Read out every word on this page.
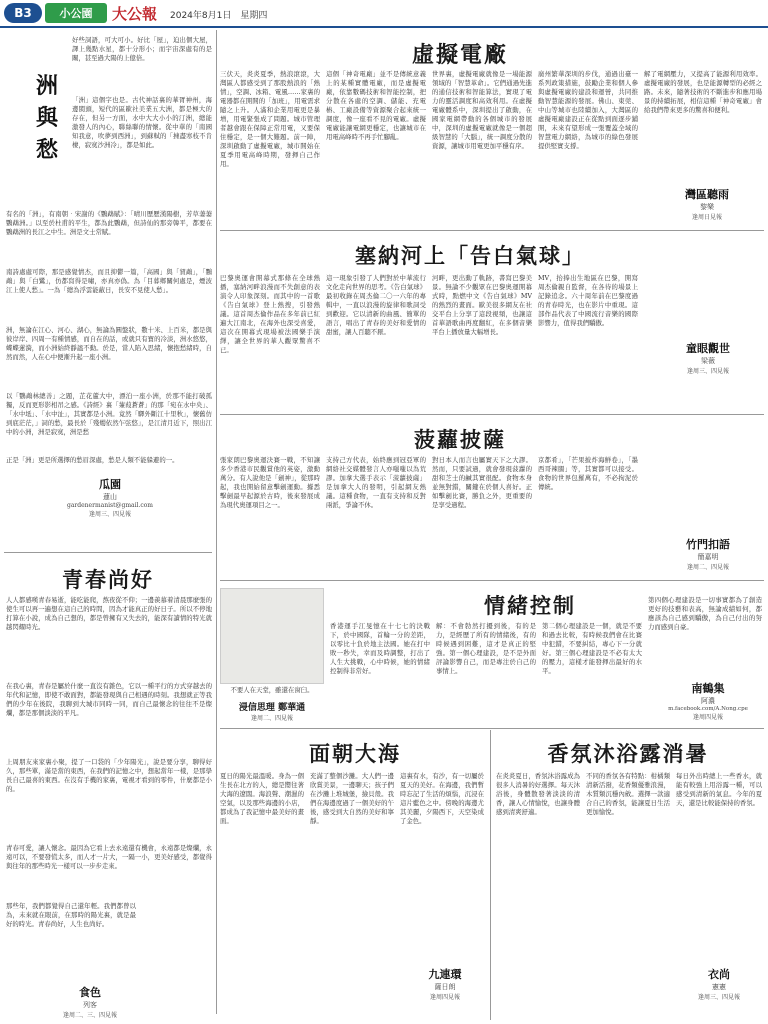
B3	小公園	大公報	2024年8月1日　星期四
好些詞語，可大可小。好比「屋」，迫出個大屋，譯上幾點水星，都十分形小；而宇宙深處有的是關，甚至過大陽的上億倍。
洲與愁
「洲」這個字也是。古代神話裏的華胥神州，海邊閩頭，短代的區歐社美業五大洲，都是極大的存在，但另一方面，水中大大小小的汀洲，總能激發人的內心，聯絲聯的情懷。從中華的「南國知我意，吹夢到西洲」，到蘇軾的「揀盡寒枝不肯棲，寂寞沙洲冷」，都是如此。
有名的「洲」，有南朝‧宋謝的《鸚鵡賦》：「晴川歷歷漢陽樹，芳草萋萋鸚鵡洲。」以至於杜甫的平生，都為此鸚鵡，但詩仙的那旁韓平，都要在鸚鵡洲的長江之中生。洲是文士常賦。
南詩處處可際，那是感覺情杰，而且抑鬱一篇，「高國」與「賀鵡」，「鸚鵡」與「白鷺」，仿都寫得是嘯，亦真亦偽。為「目暮鄉關何處是，煙波江上使人愁」。一為「總為浮雲能蔽日，長安不見使人愁」。
洲，無論在江心、河心、湖心，無論為圓盤狀，數十米、上百米，都是與彼岸岸、四周一有種情感，而自在的話，或就只有寶的冷淡，洲水悠悠，蝶蝶蓮漪，而小洲始終靜謐不動。於是，當人陷入思緒，懷抱愁緒時，自然而然，人在心中便漸升起一座小洲。
以「鸚鵡林總善」之題，芷花蘆大中，漂泊一座小洲，於那不能打破孤獨，反而更形影相吊之感。《詩經》裏「蒹葭蒼蒼」的那「宛在水中央」、「水中坻」、「水中沚」，其實都是小洲。竟然「驛外斷江十里秋」，懷舊仿到底茫茫，」詞的愁，最長於「殘燭依然乍弦悠」，是江清月近下，照出江中的小洲，洲是寂寞，洲是愁
正是「洲」更是所選擇的愁眉深處，愁是人類不能躲避的一。
瓜園
蓮山
gardenermanist@gmail.com
逢周三、四見報
青春尚好
人人都感嘆青春易逝，能吃能爬，熬夜從不仰；一邊羨慕着清晨那麼張的使生可以再一遍想在這自己的時間，因為才能真正的好日子。所以不停地打算在小說，成為自己想的，都是曾擁有又失去的，能深有讀情的特光就越閃耀時光。
在我心裏，青春是屬於什麼一直沒有雜色，它以一種平行的方式穿越去的年代和記憶，即使不敢面對，都能發現與自己相遇的時刻。我想就正等我們的少年在後院，我聊到大城市同時一同，而自己最懷念的往往不是燦爛，都是那個淡淡的平凡。
上周朋友來家裏小聚，提了一口袋的「少年陽光」，說是要分享，聊得好久，那些單，滿是當的東西，在我們的記憶之中，想起當年一樣，是那學長自己最喜的東西。在沒有手機的家裏，電視才看到的零件，什麼都是小的。
青春可愛，讓人懷念。最因為它看上去永遠還有機會，永遠都是燦爛，永遠可以，不要發慌太多，而人才一片大，一隔一小，更美好感受，都覺得與往年的那些時光一樣可以一步步走來。
那些年，我們都覺得自己還年輕。我們都曾以為，未來就在眼前，在那時的陽光裏，就是最好的時光。青春尚好，人生也尚好。
食色
列客
逢周二、三、四見報
虛擬電廠
三伏天，炎炎夏季，熱浪滾滾，大灣區人都感受到了那股熱浪的「熱情」，空調、冰箱、電風……家裏的電器都在開開的「加班」，用電需求隨之上升。人滿和企業用電更是暴增，用電緊張成了問題。城市管理者越會跟在保障正常用電，又要保住穩定，是一個大難題。前一陣，深圳啟動了虛擬電廠，城市開始在夏季用電高峰時期，發揮自己作用。
這個「神奇電廠」並不是傳統意義上的某種實體電廠，而是虛擬電廠，依靠數碼技術和智能控制，把分散在各處的空調、儲能、充電樁、工廠設備等資源聚合起來統一調度，像一座看不見的電廠。虛擬電廠能讓電網更穩定，也讓城市在用電高峰時不再手忙腳亂。
世界裏，虛擬電廠就像是一場能源領域的「智慧革命」。它們通過先進的通信技術和智能算法，實現了電力的靈活調度和高效利用。在虛擬電廠體系中，深圳提出了啟動，在國家電網帶動的各個城市的發展中，深圳的虛擬電廠就像是一個超級智慧的「大腦」，統一調度分散的資源，讓城市用電更加平穩有序。
廣州繁華深圳的步伐，通過出臺一系列政策措施，鼓勵企業和個人參與虛擬電廠的建設和運營，共同推動智慧能源的發展。佛山、東莞、中山等城市也陸續加入，大灣區的虛擬電廠建設正在從點到面逐步鋪開，未來有望形成一張覆蓋全域的智慧電力網絡，為城市的綠色發展提供堅實支撐。
解了電網壓力，又提高了能源利用效率。虛擬電廠的發展，也是能源轉型的必經之路。未來，隨著技術的不斷進步和應用場景的持續拓展，相信這種「神奇電廠」會給我們帶來更多的驚喜和便利。
灣區聽雨
黎樂
逢周日見報
塞納河上「告白氣球」
巴黎奧運會開幕式那條在全球熱播，塞納河畔浪漫而不失創意的表演令人印象深刻。而其中的一首歌《告白氣球》登上熱搜，引發熱議。這首周杰倫作品在多年前已紅遍大江南北，在海外也深受喜愛，這次在開幕式現場被法國樂手演繹，讓全世界的華人觀眾驚喜不已。
這一現象引發了人們對於中華流行文化走向世界的思考。《告白氣球》最初收錄在周杰倫二〇一六年的專輯中，一直以浪漫的旋律和歌詞受到歡迎。它以清新的曲風、簡單的語言，唱出了青春的美好和愛情的甜蜜，讓人百聽不厭。
河畔，更出動了軌跡，書寫巴黎美景。無論不少觀眾在巴黎奧運開幕式時，點燃中文《告白氣球》MV的熱烈的畫面。歐美很多網友在社交平台上分享了這段視頻，也讓這首華語歌曲再度翻紅，在多個音樂平台上播放量大幅增長。
MV，抬捧出生地區在巴黎，開寫周杰倫親自監督，在各待的場景上記錄追念。六十周年前在巴黎度過的青春時光，也在影片中重現。這部作品代表了中國流行音樂的國際影響力，值得我們驕傲。
童眼觀世
梁薇
逢周三、四見報
菠蘿披薩
張家朗巴黎奧運決賽一戰，不知讓多少香港市民觀賞他的英姿，激動萬分。有人說他是「劍神」，從那時起，我也開始留意擊劍運動。據悉擊劍最早起源於古時，後來發展成為現代奧運項目之一。
支持己方代表，始終應到冠亞軍的網絡社交媒體發言人亦嗤嗤以為荒謬。加拿大選手表示「菠蘿披薩」是加拿大人的發明，引起網友熱議。這種食物，一直有支持和反對兩派，爭論不休。
對日本人而言也屬實天下之大謬。然而，只要試過，就會發現菠蘿的甜和芝士的鹹其實很配。食物本身並無對錯，關鍵在於個人喜好。正如擊劍比賽，勝負之外，更重要的是享受過程。
京都肴」，「芒果披炸海鮮卷」，「墨西哥辣腸」等，其實都可以接受。食物的世界包羅萬有，不必拘泥於傳統。
竹門扣語
簡嘉明
逢周二、四見報
不要人在天堂，雖還在窗臼。
浸信思理 鄭華通
逢周二、四見報
情緒控制
香港運手江旻憶在十七七的決戰下，於中國隊，首輪一分的差距，以零比十負於地主法國。她在打中敗一秒失，幸而及時調整，打出了人生大挑戰，心中時候，她的情緒控制得非常好。
解：不會勃然打擾到後，有的是力，是經歷了所有的情緒後，有的時候遇到困難，這才是真正的堅強。第一個心理建設，是不是外面評論影響自己，而是專注於自己的事情上。
第二個心理建設是一個，就是不要和過去比較，有時候我們會在比賽中犯錯，不要糾結，專心下一分就好。第三個心理建設是不必有太大的壓力，這樣才能發揮出最好的水平。
第四個心理建設是一切事實都為了創造更好的技藝和表高，無論成績如何，都應該為自己感到驕傲，為自己付出的努力而感到自豪。
南鶴集
阿濃
m.facebook.com/A.Nong.cpe
逢周四見報
面朝大海
夏日的陽光最溫暖。身為一個生長在北方的人，總是嚮往著大海的遼闊。海浪聲、潮濕的空氣，以及那些海邊的小店，都成為了我記憶中最美好的畫面。
充滿了整個沙灘。大人們一邊欣賞美景，一邊聊天；孩子們在沙灘上堆城堡，撿貝殼。我們在海邊度過了一個美好的午後，感受到大自然的美好和寧靜。
這裏有水，有沙，有一切屬於夏天的美好。在海邊，我們暫時忘記了生活的煩惱，沉浸在這片藍色之中。傍晚的海邊尤其美麗，夕陽西下，天空染成了金色。
九連環
薩日朗
逢周四見報
香氛沐浴露消暑
在炎炎夏日，香氛沐浴露成為很多人消暑的好選擇。每天沐浴後，身體散發著淡淡的清香，讓人心情愉悅，也讓身體感到清爽舒適。
不同的香氛各有特點：柑橘類清新活潑，花香類優雅浪漫，木質類沉穩內斂。選擇一款適合自己的香氛，能讓夏日生活更加愉悅。
每日外出時總上一些香水，就能有較強上用浴露一種，可以感受到清新的氣息。今年的夏天，還是比較能保持的香氛。
衣尚
憲憲
逢周三、四見報
